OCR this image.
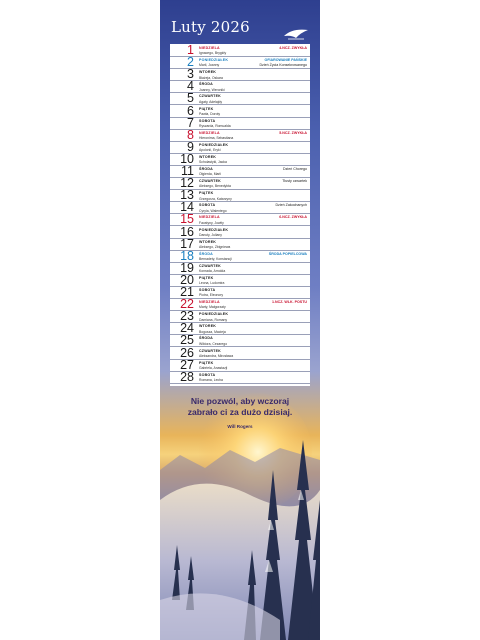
Luty 2026
1 NIEDZIELA
Ignacego, Brygidy
4.NCZ. ZWYKŁA
2 PONIEDZIAŁEK
Marii, Joanny
OFIAROWANIE PAŃSKIE
Dzień Życia Konsekrowanego
3 WTOREK
Błażeja, Oskara
4 ŚRODA
Joanny, Weroniki
5 CZWARTEK
Agaty, Adelajdy
6 PIĄTEK
Pawła, Doroty
7 SOBOTA
Ryszarda, Romualda
8 NIEDZIELA
Hieronima, Sebastiana
5.NCZ. ZWYKŁA
9 PONIEDZIAŁEK
Apolonii, Eryki
10 WTOREK
Scholastyki, Jacka
11 ŚRODA
Olgierda, Marii
Dzień Chorego
12 CZWARTEK
Aleksego, Benedykta
Tłusty czwartek
13 PIĄTEK
Grzegorza, Katarzyny
14 SOBOTA
Cyryla, Walentego
Dzień Zakochanych
15 NIEDZIELA
Faustyny, Jowity
6.NCZ. ZWYKŁA
16 PONIEDZIAŁEK
Danuty, Juliany
17 WTOREK
Aleksego, Zbigniewa
18 ŚRODA
Bernadety, Konstancji
ŚRODA POPIELCOWA
19 CZWARTEK
Konrada, Arnolda
20 PIĄTEK
Leona, Ludomira
21 SOBOTA
Piotra, Eleonory
22 NIEDZIELA
Marty, Małgorzaty
1.NCZ. WLK. POSTU
23 PONIEDZIAŁEK
Damiana, Romany
24 WTOREK
Bogusza, Macieja
25 ŚRODA
Wiktora, Cezarego
26 CZWARTEK
Aleksandra, Mirosława
27 PIĄTEK
Gabriela, Anastazji
28 SOBOTA
Romana, Lecha
Nie pozwól, aby wczoraj
zabrało ci za dużo dzisiaj.
Will Rogers
